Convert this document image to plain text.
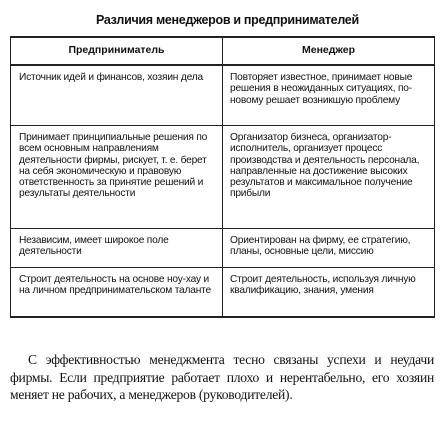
Различия менеджеров и предпринимателей
Предприниматель	Менеджер
Источник идей и финансов, хозяин дела	Повторяет известное, принимает новые решения в неожиданных ситуациях, по-новому решает возникшую проблему
Принимает принципиальные решения по всем основным направлениям деятельности фирмы, рискует, т. е. берет на себя экономическую и правовую ответственность за принятие решений и результаты деятельности	Организатор бизнеса, организатор-исполнитель, организует процесс производства и деятельность персонала, направленные на достижение высоких результатов и максимальное получение прибыли
Независим, имеет широкое поле деятельности	Ориентирован на фирму, ее стратегию, планы, основные цели, миссию
Строит деятельность на основе ноу-хау и на личном предпринимательском таланте	Строит деятельность, используя личную квалификацию, знания, умения
С эффективностью менеджмента тесно связаны успехи и неудачи фирмы. Если предприятие работает плохо и нерентабельно, его хозяин меняет не рабочих, а менеджеров (руководителей).
